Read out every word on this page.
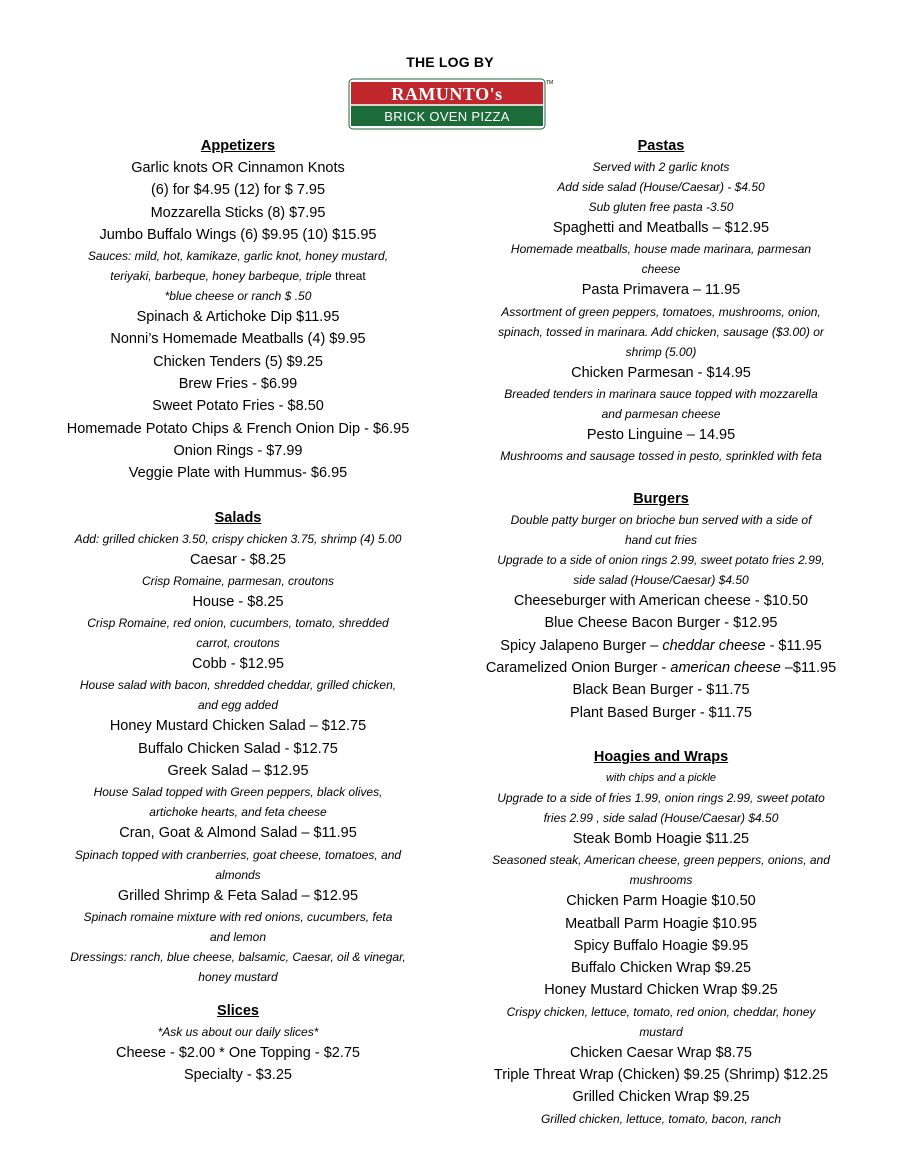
THE LOG BY
RAMUNTO's
BRICK OVEN PIZZA
TM
Appetizers
Garlic knots OR Cinnamon Knots
(6) for $4.95 (12) for $ 7.95
Mozzarella Sticks (8) $7.95
Jumbo Buffalo Wings (6) $9.95 (10) $15.95
Sauces: mild, hot, kamikaze, garlic knot, honey mustard,
teriyaki, barbeque, honey barbeque, triple threat
*blue cheese or ranch $ .50
Spinach & Artichoke Dip $11.95
Nonni’s Homemade Meatballs (4) $9.95
Chicken Tenders (5) $9.25
Brew Fries - $6.99
Sweet Potato Fries - $8.50
Homemade Potato Chips & French Onion Dip - $6.95
Onion Rings - $7.99
Veggie Plate with Hummus- $6.95
Salads
Add: grilled chicken 3.50, crispy chicken 3.75, shrimp (4) 5.00
Caesar - $8.25
Crisp Romaine, parmesan, croutons
House - $8.25
Crisp Romaine, red onion, cucumbers, tomato, shredded
carrot, croutons
Cobb - $12.95
House salad with bacon, shredded cheddar, grilled chicken,
and egg added
Honey Mustard Chicken Salad – $12.75
Buffalo Chicken Salad - $12.75
Greek Salad – $12.95
House Salad topped with Green peppers, black olives,
artichoke hearts, and feta cheese
Cran, Goat & Almond Salad – $11.95
Spinach topped with cranberries, goat cheese, tomatoes, and
almonds
Grilled Shrimp & Feta Salad – $12.95
Spinach romaine mixture with red onions, cucumbers, feta
and lemon
Dressings: ranch, blue cheese, balsamic, Caesar, oil & vinegar,
honey mustard
Slices
*Ask us about our daily slices*
Cheese - $2.00 * One Topping - $2.75
Specialty - $3.25
Pastas
Served with 2 garlic knots
Add side salad (House/Caesar) - $4.50
Sub gluten free pasta -3.50
Spaghetti and Meatballs – $12.95
Homemade meatballs, house made marinara, parmesan
cheese
Pasta Primavera – 11.95
Assortment of green peppers, tomatoes, mushrooms, onion,
spinach, tossed in marinara. Add chicken, sausage ($3.00) or
shrimp (5.00)
Chicken Parmesan - $14.95
Breaded tenders in marinara sauce topped with mozzarella
and parmesan cheese
Pesto Linguine – 14.95
Mushrooms and sausage tossed in pesto, sprinkled with feta
Burgers
Double patty burger on brioche bun served with a side of
hand cut fries
Upgrade to a side of onion rings 2.99, sweet potato fries 2.99,
side salad (House/Caesar) $4.50
Cheeseburger with American cheese - $10.50
Blue Cheese Bacon Burger - $12.95
Spicy Jalapeno Burger – cheddar cheese - $11.95
Caramelized Onion Burger - american cheese –$11.95
Black Bean Burger - $11.75
Plant Based Burger - $11.75
Hoagies and Wraps
with chips and a pickle
Upgrade to a side of fries 1.99, onion rings 2.99, sweet potato
fries 2.99 , side salad (House/Caesar) $4.50
Steak Bomb Hoagie $11.25
Seasoned steak, American cheese, green peppers, onions, and
mushrooms
Chicken Parm Hoagie $10.50
Meatball Parm Hoagie $10.95
Spicy Buffalo Hoagie $9.95
Buffalo Chicken Wrap $9.25
Honey Mustard Chicken Wrap $9.25
Crispy chicken, lettuce, tomato, red onion, cheddar, honey
mustard
Chicken Caesar Wrap $8.75
Triple Threat Wrap (Chicken) $9.25 (Shrimp) $12.25
Grilled Chicken Wrap $9.25
Grilled chicken, lettuce, tomato, bacon, ranch
